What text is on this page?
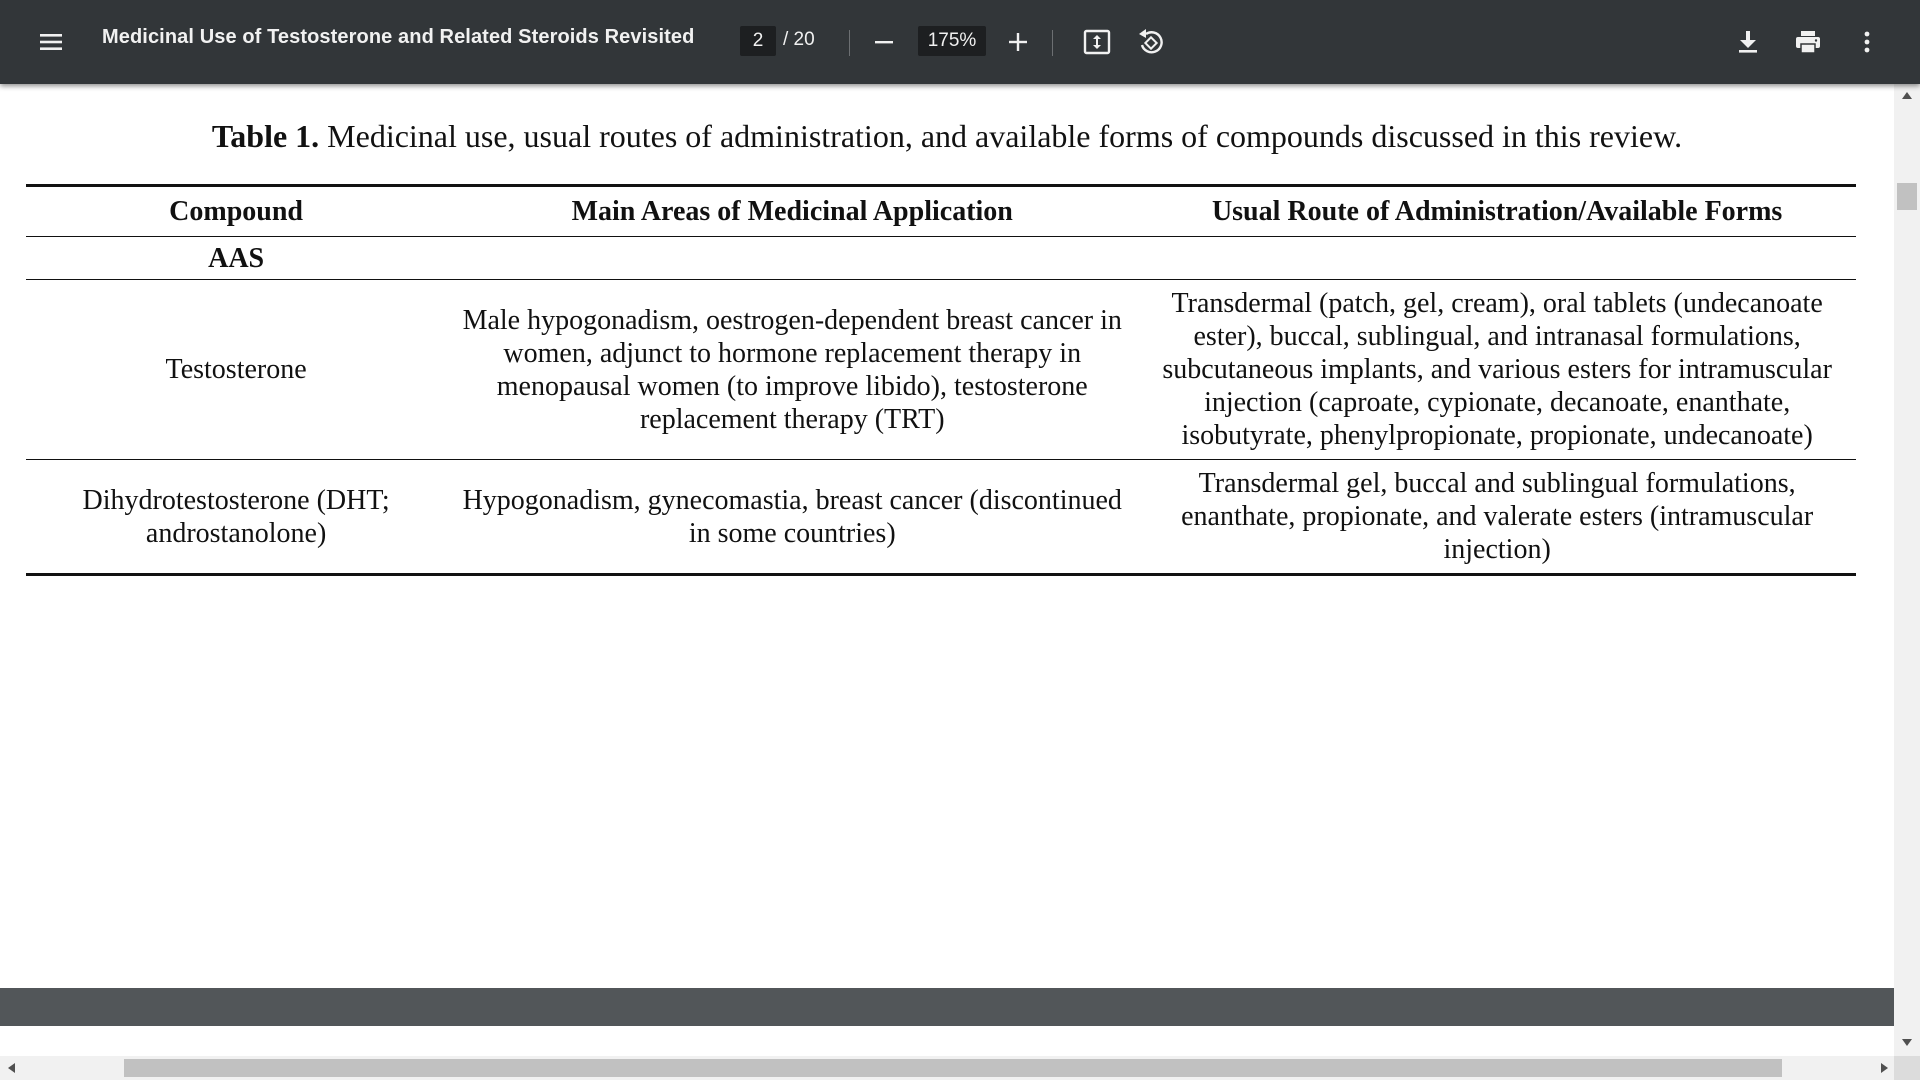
Medicinal Use of Testosterone and Related Steroids Revisited
2	/ 20
175%
Table 1. Medicinal use, usual routes of administration, and available forms of compounds discussed in this review.
Compound	Main Areas of Medicinal Application	Usual Route of Administration/Available Forms
AAS		
Testosterone	Male hypogonadism, oestrogen-dependent breast cancer in women, adjunct to hormone replacement therapy in menopausal women (to improve libido), testosterone replacement therapy (TRT)	Transdermal (patch, gel, cream), oral tablets (undecanoate ester), buccal, sublingual, and intranasal formulations, subcutaneous implants, and various esters for intramuscular injection (caproate, cypionate, decanoate, enanthate, isobutyrate, phenylpropionate, propionate, undecanoate)
Dihydrotestosterone (DHT; androstanolone)	Hypogonadism, gynecomastia, breast cancer (discontinued in some countries)	Transdermal gel, buccal and sublingual formulations, enanthate, propionate, and valerate esters (intramuscular injection)
